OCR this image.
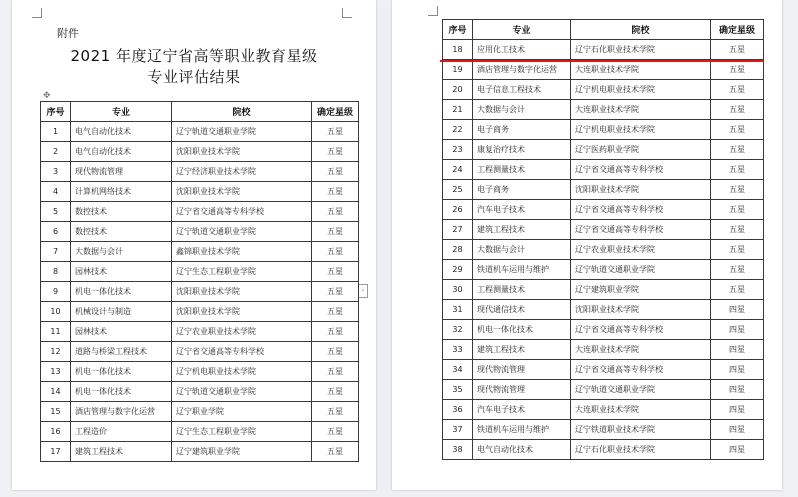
附件
2021 年度辽宁省高等职业教育星级
专业评估结果
✥
‹
序号	专业	院校	确定星级
1	电气自动化技术	辽宁轨道交通职业学院	五星
2	电气自动化技术	沈阳职业技术学院	五星
3	现代物流管理	辽宁经济职业技术学院	五星
4	计算机网络技术	沈阳职业技术学院	五星
5	数控技术	辽宁省交通高等专科学校	五星
6	数控技术	辽宁轨道交通职业学院	五星
7	大数据与会计	鑫锦职业技术学院	五星
8	园林技术	辽宁生态工程职业学院	五星
9	机电一体化技术	沈阳职业技术学院	五星
10	机械设计与制造	沈阳职业技术学院	五星
11	园林技术	辽宁农业职业技术学院	五星
12	道路与桥梁工程技术	辽宁省交通高等专科学校	五星
13	机电一体化技术	辽宁机电职业技术学院	五星
14	机电一体化技术	辽宁轨道交通职业学院	五星
15	酒店管理与数字化运营	辽宁职业学院	五星
16	工程造价	辽宁生态工程职业学院	五星
17	建筑工程技术	辽宁建筑职业学院	五星
序号	专业	院校	确定星级
18	应用化工技术	辽宁石化职业技术学院	五星
19	酒店管理与数字化运营	大连职业技术学院	五星
20	电子信息工程技术	辽宁机电职业技术学院	五星
21	大数据与会计	大连职业技术学院	五星
22	电子商务	辽宁机电职业技术学院	五星
23	康复治疗技术	辽宁医药职业学院	五星
24	工程测量技术	辽宁省交通高等专科学校	五星
25	电子商务	沈阳职业技术学院	五星
26	汽车电子技术	辽宁省交通高等专科学校	五星
27	建筑工程技术	辽宁省交通高等专科学校	五星
28	大数据与会计	辽宁农业职业技术学院	五星
29	铁道机车运用与维护	辽宁轨道交通职业学院	五星
30	工程测量技术	辽宁建筑职业学院	五星
31	现代通信技术	沈阳职业技术学院	四星
32	机电一体化技术	辽宁省交通高等专科学校	四星
33	建筑工程技术	大连职业技术学院	四星
34	现代物流管理	辽宁省交通高等专科学校	四星
35	现代物流管理	辽宁轨道交通职业学院	四星
36	汽车电子技术	大连职业技术学院	四星
37	铁道机车运用与维护	辽宁铁道职业技术学院	四星
38	电气自动化技术	辽宁石化职业技术学院	四星
